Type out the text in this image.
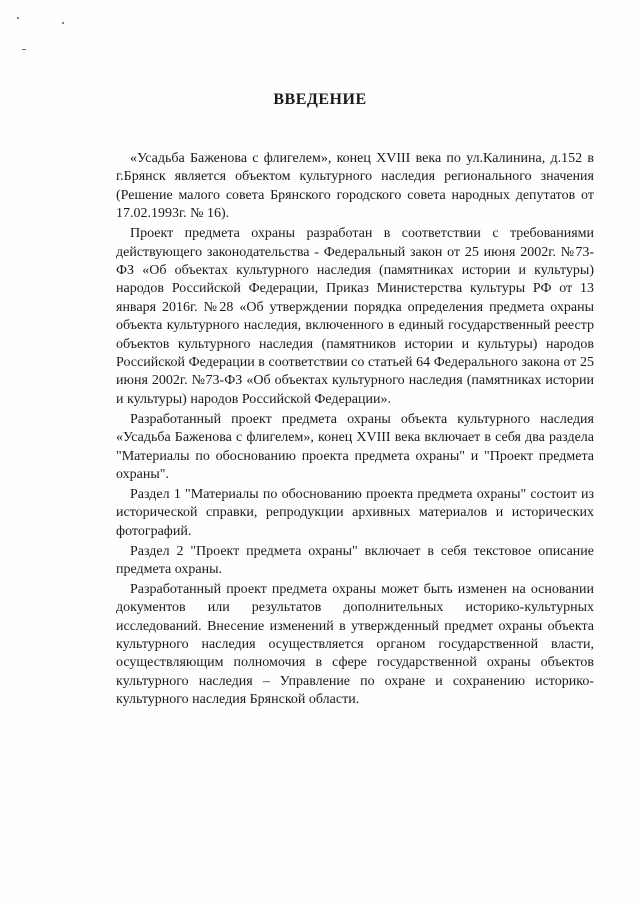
ВВЕДЕНИЕ

«Усадьба Баженова с флигелем», конец XVIII века по ул.Калинина, д.152 в г.Брянск является объектом культурного наследия регионального значения (Решение малого совета Брянского городского совета народных депутатов от 17.02.1993г. № 16).

Проект предмета охраны разработан в соответствии с требованиями действующего законодательства - Федеральный закон от 25 июня 2002г. №73-ФЗ «Об объектах культурного наследия (памятниках истории и культуры) народов Российской Федерации, Приказ Министерства культуры РФ от 13 января 2016г. №28 «Об утверждении порядка определения предмета охраны объекта культурного наследия, включенного в единый государственный реестр объектов культурного наследия (памятников истории и культуры) народов Российской Федерации в соответствии со статьей 64 Федерального закона от 25 июня 2002г. №73-ФЗ «Об объектах культурного наследия (памятниках истории и культуры) народов Российской Федерации».

Разработанный проект предмета охраны объекта культурного наследия «Усадьба Баженова с флигелем», конец XVIII века включает в себя два раздела "Материалы по обоснованию проекта предмета охраны" и "Проект предмета охраны".

Раздел 1 "Материалы по обоснованию проекта предмета охраны" состоит из исторической справки, репродукции архивных материалов и исторических фотографий.

Раздел 2 "Проект предмета охраны" включает в себя текстовое описание предмета охраны.

Разработанный проект предмета охраны может быть изменен на основании документов или результатов дополнительных историко-культурных исследований. Внесение изменений в утвержденный предмет охраны объекта культурного наследия осуществляется органом государственной власти, осуществляющим полномочия в сфере государственной охраны объектов культурного наследия – Управление по охране и сохранению историко-культурного наследия Брянской области.
